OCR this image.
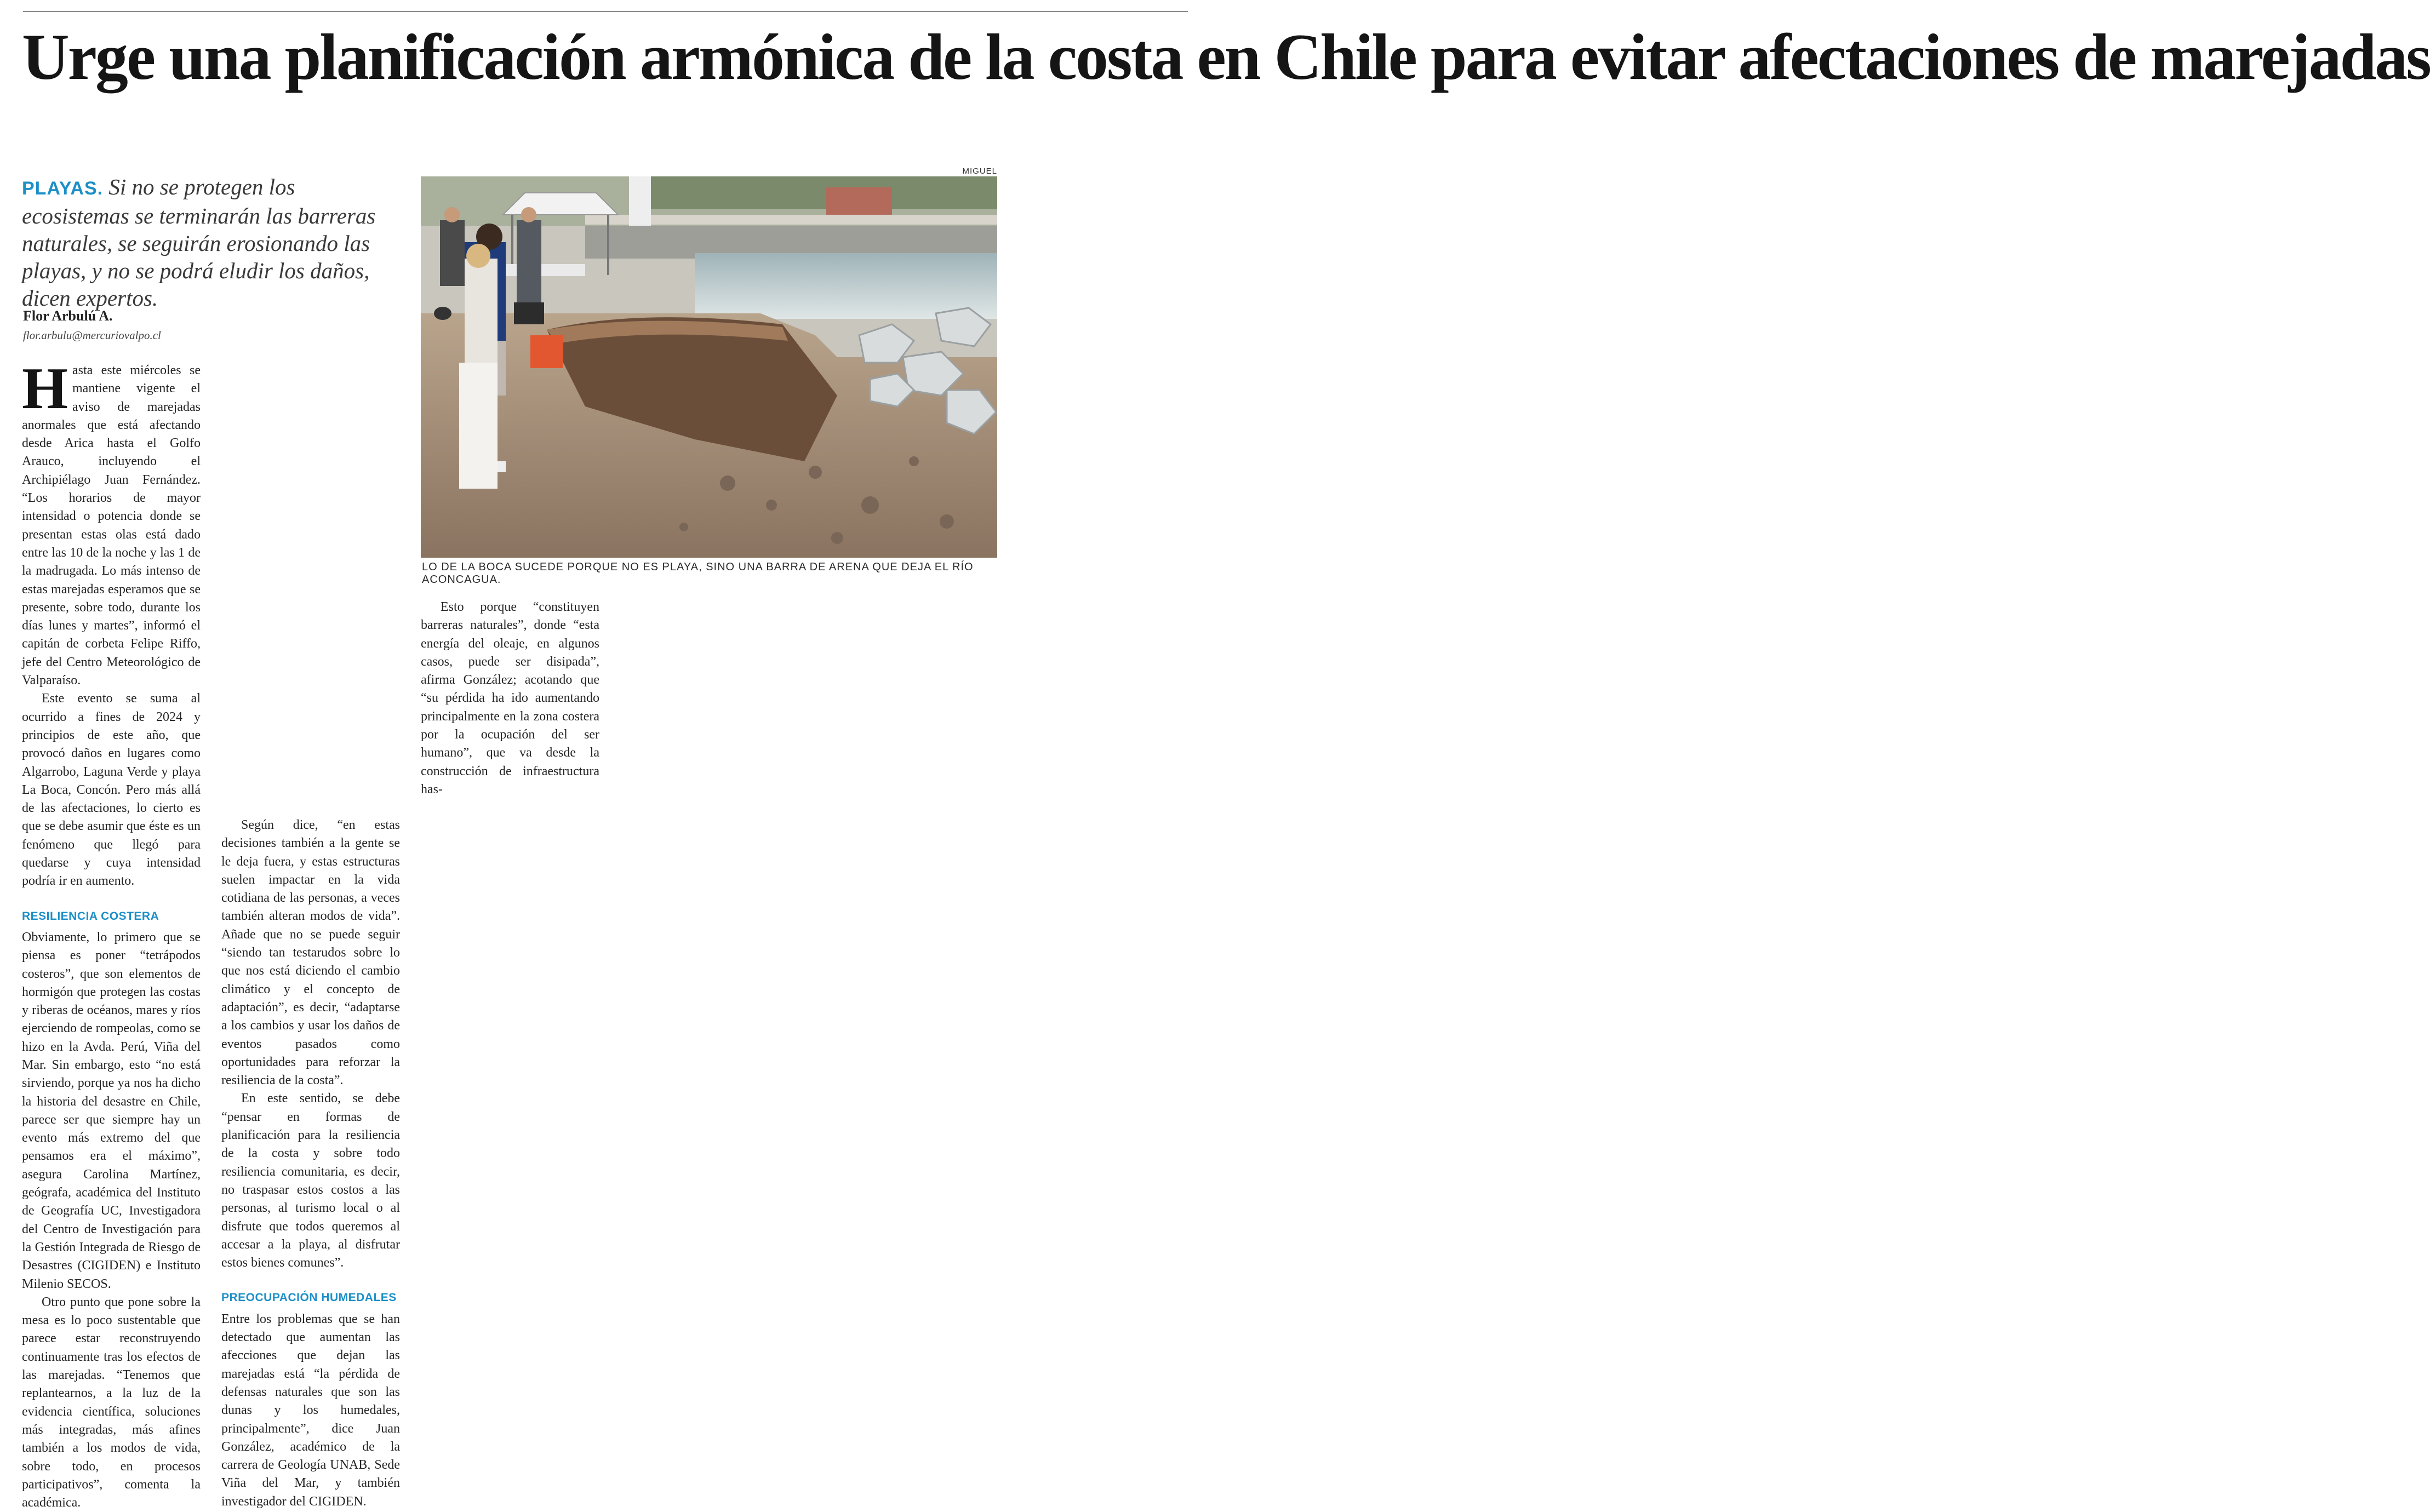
Urge una planificación armónica de la costa en Chile para evitar afectaciones de marejadas

PLAYAS. Si no se protegen los ecosistemas se terminarán las barreras naturales, se seguirán erosionando las playas, y no se podrá eludir los daños, dicen expertos.

Flor Arbulú A.
flor.arbulu@mercuriovalpo.cl
MIGUEL
LO DE LA BOCA SUCEDE PORQUE NO ES PLAYA, SINO UNA BARRA DE ARENA QUE DEJA EL RÍO ACONCAGUA.

Hasta este miércoles se mantiene vigente el aviso de marejadas anormales que está afectando desde Arica hasta el Golfo Arauco, incluyendo el Archipiélago Juan Fernández. “Los horarios de mayor intensidad o potencia donde se presentan estas olas está dado entre las 10 de la noche y las 1 de la madrugada. Lo más intenso de estas marejadas esperamos que se presente, sobre todo, durante los días lunes y martes”, informó el capitán de corbeta Felipe Riffo, jefe del Centro Meteorológico de Valparaíso.

Este evento se suma al ocurrido a fines de 2024 y principios de este año, que provocó daños en lugares como Algarrobo, Laguna Verde y playa La Boca, Concón. Pero más allá de las afectaciones, lo cierto es que se debe asumir que éste es un fenómeno que llegó para quedarse y cuya intensidad podría ir en aumento.

RESILIENCIA COSTERA

Obviamente, lo primero que se piensa es poner “tetrápodos costeros”, que son elementos de hormigón que protegen las costas y riberas de océanos, mares y ríos ejerciendo de rompeolas, como se hizo en la Avda. Perú, Viña del Mar. Sin embargo, esto “no está sirviendo, porque ya nos ha dicho la historia del desastre en Chile, parece ser que siempre hay un evento más extremo del que pensamos era el máximo”, asegura Carolina Martínez, geógrafa, académica del Instituto de Geografía UC, Investigadora del Centro de Investigación para la Gestión Integrada de Riesgo de Desastres (CIGIDEN) e Instituto Milenio SECOS.

Otro punto que pone sobre la mesa es lo poco sustentable que parece estar reconstruyendo continuamente tras los efectos de las marejadas. “Tenemos que replantearnos, a la luz de la evidencia científica, soluciones más integradas, más afines también a los modos de vida, sobre todo, en procesos participativos”, comenta la académica.

Según dice, “en estas decisiones también a la gente se le deja fuera, y estas estructuras suelen impactar en la vida cotidiana de las personas, a veces también alteran modos de vida”. Añade que no se puede seguir “siendo tan testarudos sobre lo que nos está diciendo el cambio climático y el concepto de adaptación”, es decir, “adaptarse a los cambios y usar los daños de eventos pasados como oportunidades para reforzar la resiliencia de la costa”.

En este sentido, se debe “pensar en formas de planificación para la resiliencia de la costa y sobre todo resiliencia comunitaria, es decir, no traspasar estos costos a las personas, al turismo local o al disfrute que todos queremos al accesar a la playa, al disfrutar estos bienes comunes”.

PREOCUPACIÓN HUMEDALES

Entre los problemas que se han detectado que aumentan las afecciones que dejan las marejadas está “la pérdida de defensas naturales que son las dunas y los humedales, principalmente”, dice Juan González, académico de la carrera de Geología UNAB, Sede Viña del Mar, y también investigador del CIGIDEN.

Esto porque “constituyen barreras naturales”, donde “esta energía del oleaje, en algunos casos, puede ser disipada”, afirma González; acotando que “su pérdida ha ido aumentando principalmente en la zona costera por la ocupación del ser humano”, que va desde la construcción de infraestructura has-
